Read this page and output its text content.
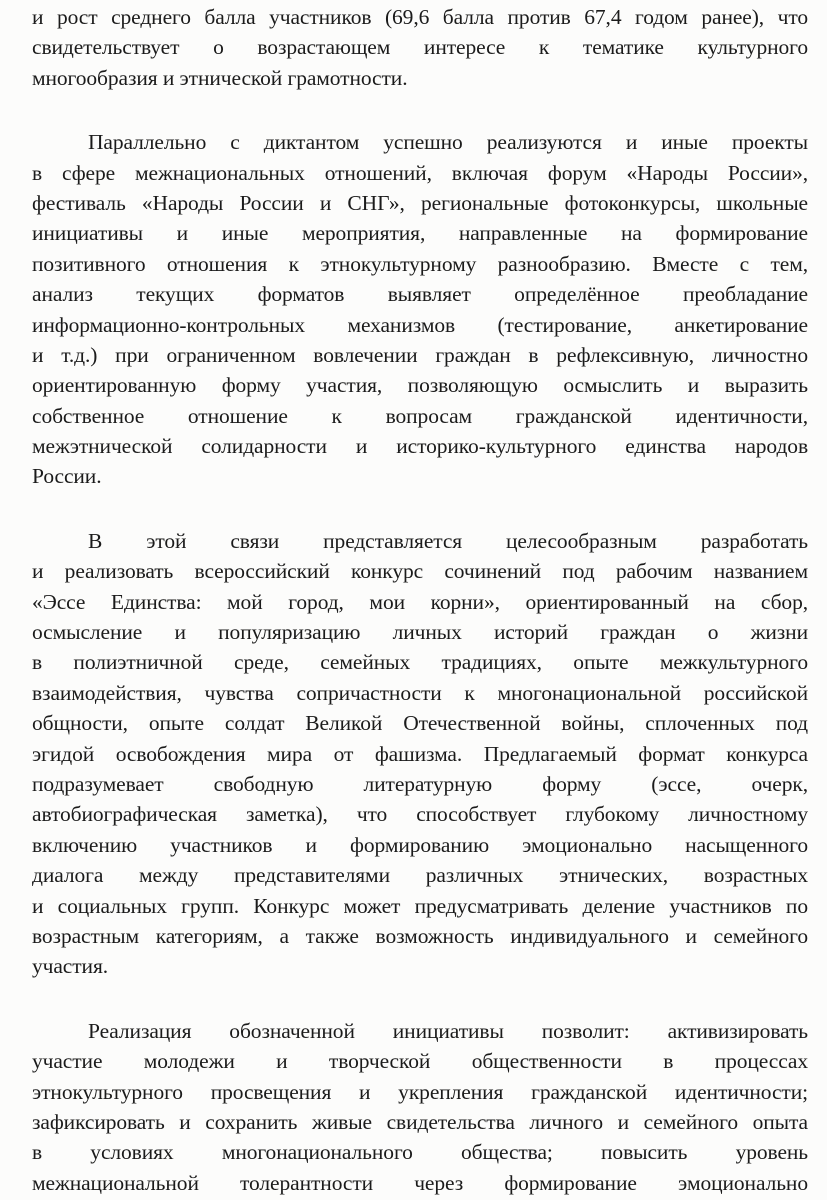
и рост среднего балла участников (69,6 балла против 67,4 годом ранее), что
свидетельствует о возрастающем интересе к тематике культурного
многообразия и этнической грамотности.
Параллельно с диктантом успешно реализуются и иные проекты
в сфере межнациональных отношений, включая форум «Народы России»,
фестиваль «Народы России и СНГ», региональные фотоконкурсы, школьные
инициативы и иные мероприятия, направленные на формирование
позитивного отношения к этнокультурному разнообразию. Вместе с тем,
анализ текущих форматов выявляет определённое преобладание
информационно-контрольных механизмов (тестирование, анкетирование
и т.д.) при ограниченном вовлечении граждан в рефлексивную, личностно
ориентированную форму участия, позволяющую осмыслить и выразить
собственное отношение к вопросам гражданской идентичности,
межэтнической солидарности и историко-культурного единства народов
России.
В этой связи представляется целесообразным разработать
и реализовать всероссийский конкурс сочинений под рабочим названием
«Эссе Единства: мой город, мои корни», ориентированный на сбор,
осмысление и популяризацию личных историй граждан о жизни
в полиэтничной среде, семейных традициях, опыте межкультурного
взаимодействия, чувства сопричастности к многонациональной российской
общности, опыте солдат Великой Отечественной войны, сплоченных под
эгидой освобождения мира от фашизма. Предлагаемый формат конкурса
подразумевает свободную литературную форму (эссе, очерк,
автобиографическая заметка), что способствует глубокому личностному
включению участников и формированию эмоционально насыщенного
диалога между представителями различных этнических, возрастных
и социальных групп. Конкурс может предусматривать деление участников по
возрастным категориям, а также возможность индивидуального и семейного
участия.
Реализация обозначенной инициативы позволит: активизировать
участие молодежи и творческой общественности в процессах
этнокультурного просвещения и укрепления гражданской идентичности;
зафиксировать и сохранить живые свидетельства личного и семейного опыта
в условиях многонационального общества; повысить уровень
межнациональной толерантности через формирование эмоционально
